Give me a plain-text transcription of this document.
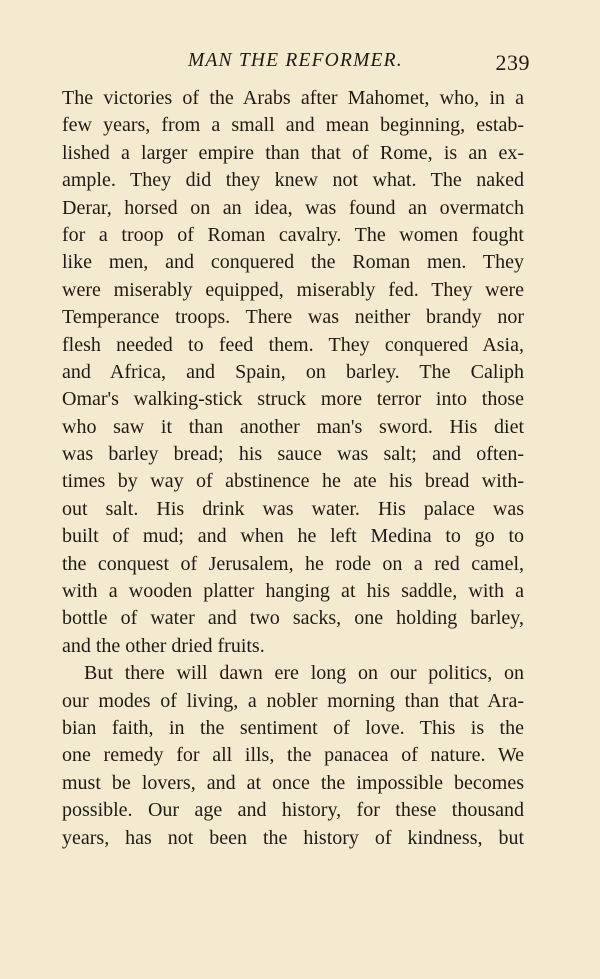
MAN THE REFORMER.	239
The victories of the Arabs after Mahomet, who, in a
few years, from a small and mean beginning, estab-
lished a larger empire than that of Rome, is an ex-
ample. They did they knew not what. The naked
Derar, horsed on an idea, was found an overmatch
for a troop of Roman cavalry. The women fought
like men, and conquered the Roman men. They
were miserably equipped, miserably fed. They were
Temperance troops. There was neither brandy nor
flesh needed to feed them. They conquered Asia,
and Africa, and Spain, on barley. The Caliph
Omar's walking-stick struck more terror into those
who saw it than another man's sword. His diet
was barley bread; his sauce was salt; and often-
times by way of abstinence he ate his bread with-
out salt. His drink was water. His palace was
built of mud; and when he left Medina to go to
the conquest of Jerusalem, he rode on a red camel,
with a wooden platter hanging at his saddle, with a
bottle of water and two sacks, one holding barley,
and the other dried fruits.
But there will dawn ere long on our politics, on
our modes of living, a nobler morning than that Ara-
bian faith, in the sentiment of love. This is the
one remedy for all ills, the panacea of nature. We
must be lovers, and at once the impossible becomes
possible. Our age and history, for these thousand
years, has not been the history of kindness, but
